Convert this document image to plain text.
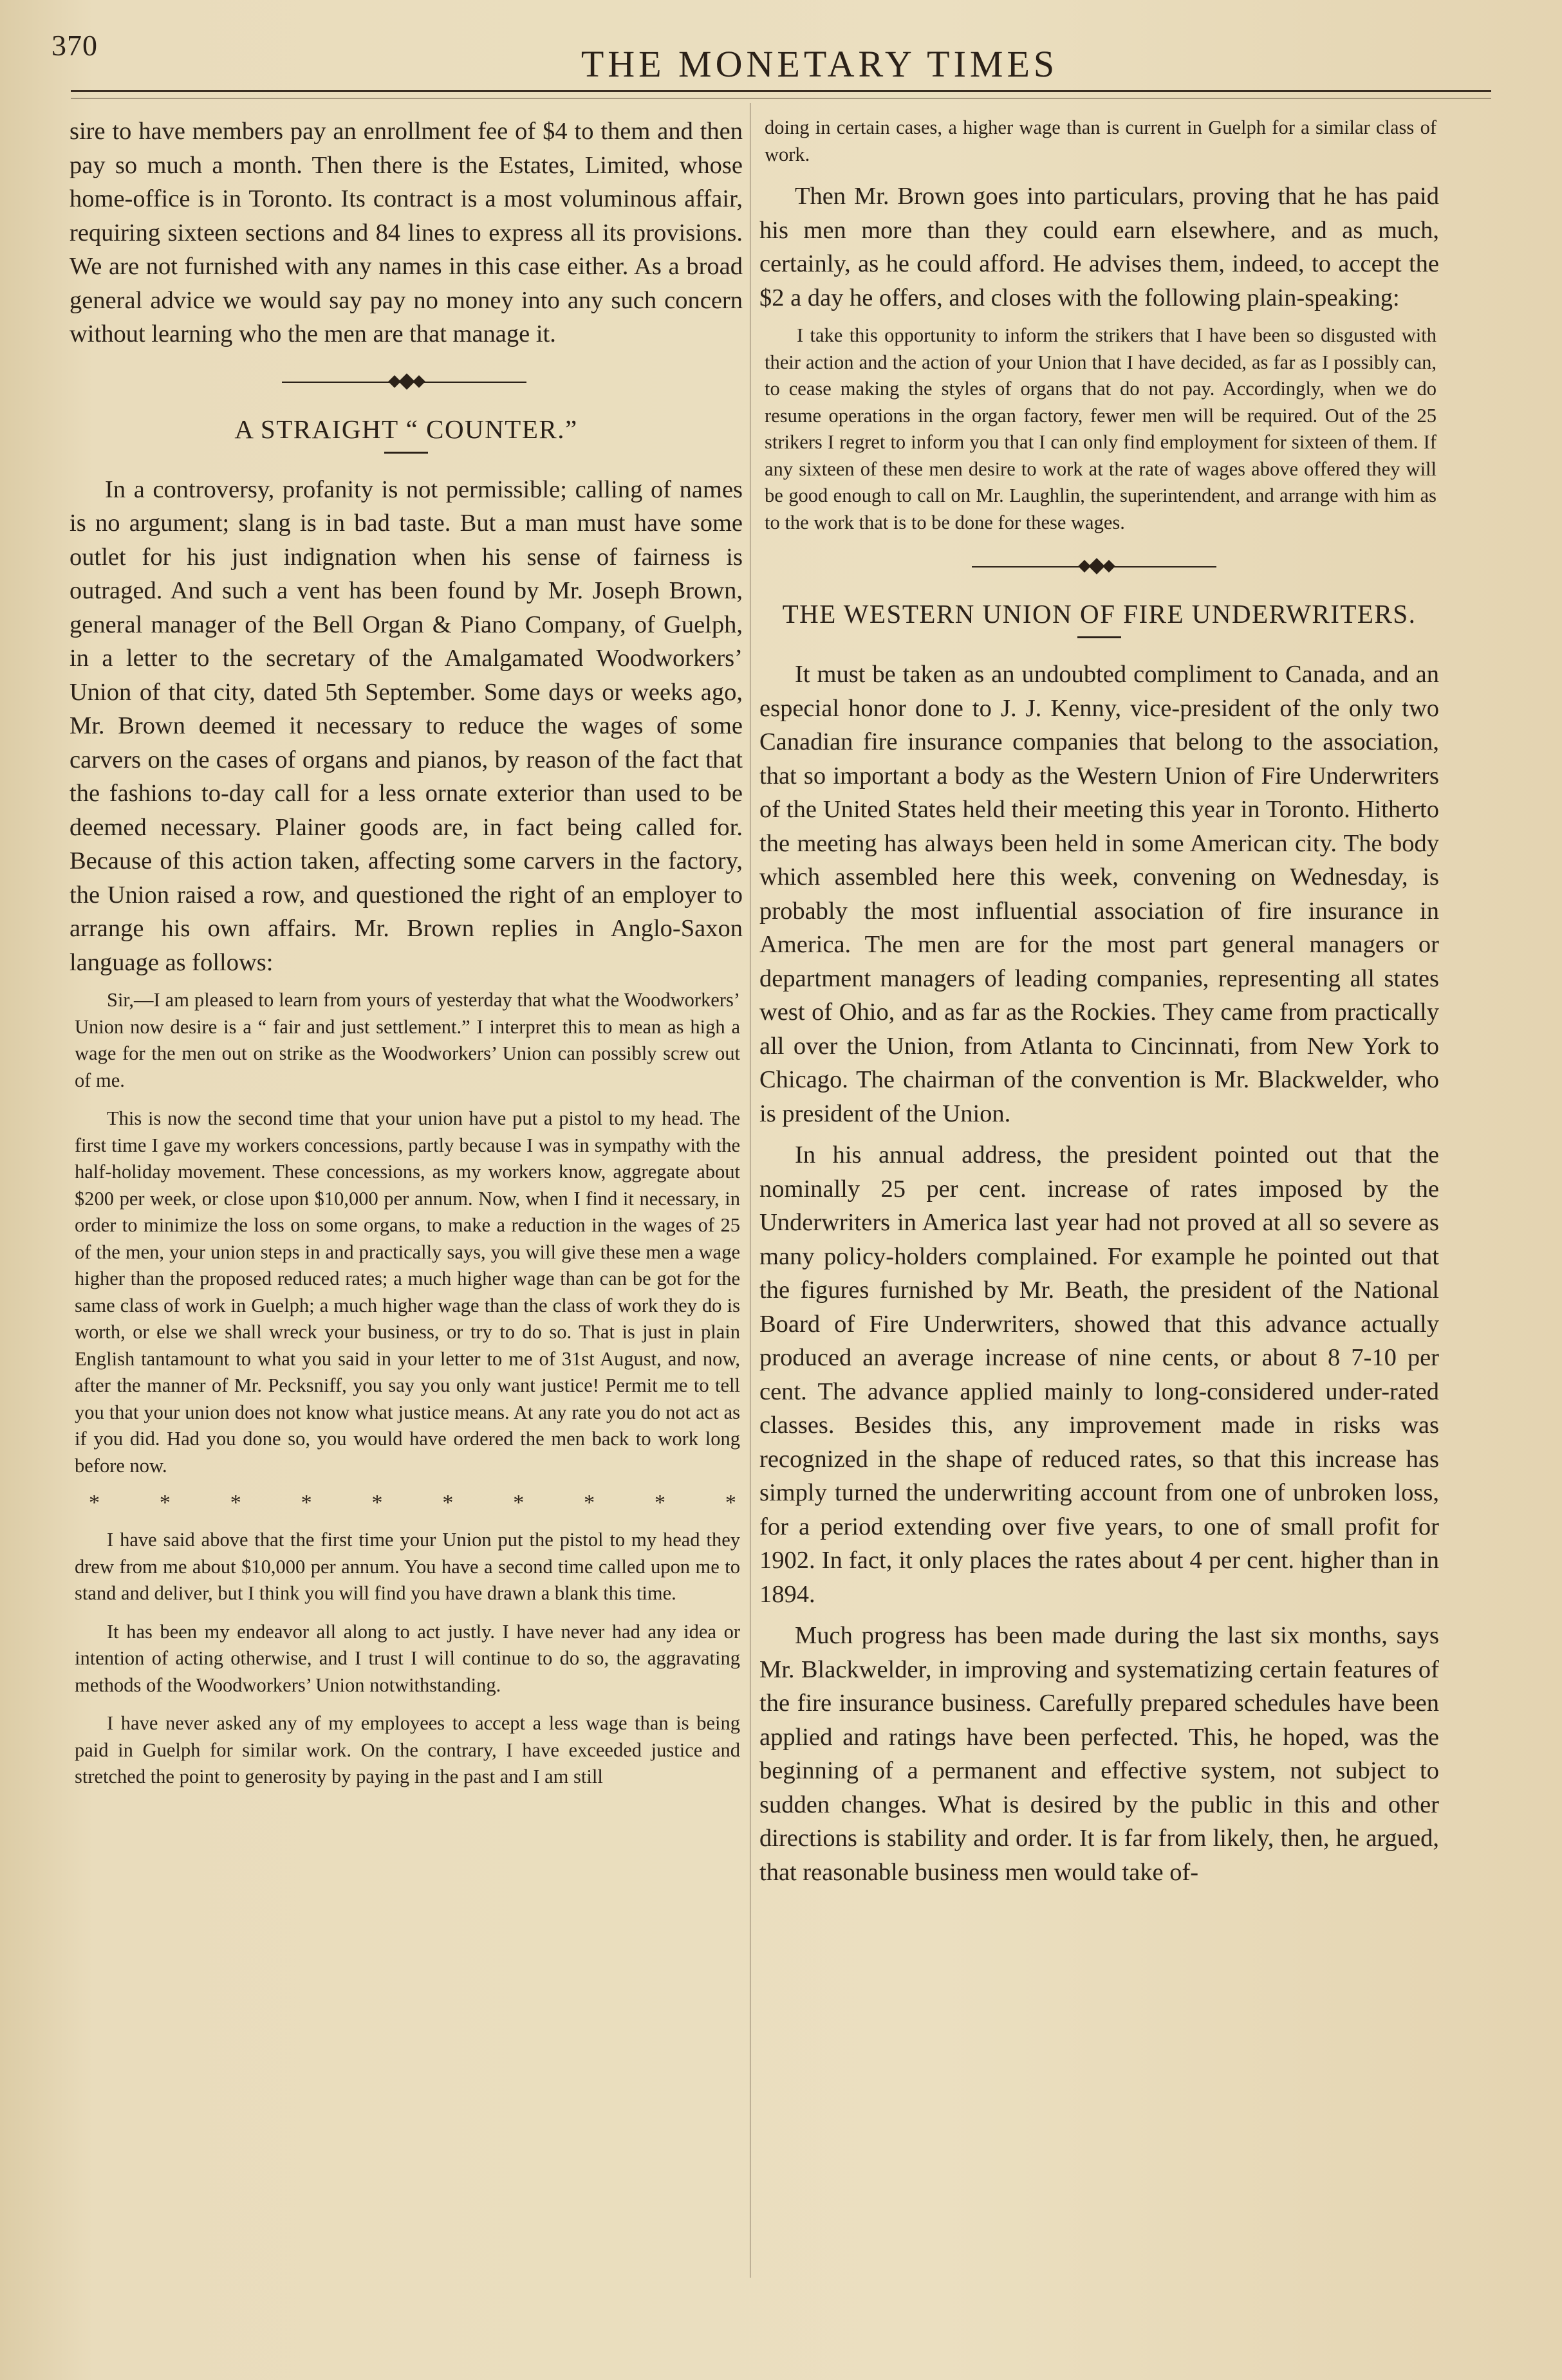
370	THE MONETARY TIMES

sire to have members pay an enrollment fee of $4 to them and then pay so much a month. Then there is the Estates, Limited, whose home-office is in Toronto. Its contract is a most voluminous affair, requiring sixteen sections and 84 lines to express all its provisions. We are not furnished with any names in this case either. As a broad general advice we would say pay no money into any such concern without learning who the men are that manage it.

A STRAIGHT “ COUNTER.”

In a controversy, profanity is not permissible; calling of names is no argument; slang is in bad taste. But a man must have some outlet for his just indignation when his sense of fairness is outraged. And such a vent has been found by Mr. Joseph Brown, general manager of the Bell Organ & Piano Company, of Guelph, in a letter to the secretary of the Amalgamated Woodworkers’ Union of that city, dated 5th September. Some days or weeks ago, Mr. Brown deemed it necessary to reduce the wages of some carvers on the cases of organs and pianos, by reason of the fact that the fashions to-day call for a less ornate exterior than used to be deemed necessary. Plainer goods are, in fact being called for. Because of this action taken, affecting some carvers in the factory, the Union raised a row, and questioned the right of an employer to arrange his own affairs. Mr. Brown replies in Anglo-Saxon language as follows:

Sir,—I am pleased to learn from yours of yesterday that what the Woodworkers’ Union now desire is a “ fair and just settlement.” I interpret this to mean as high a wage for the men out on strike as the Woodworkers’ Union can possibly screw out of me.

This is now the second time that your union have put a pistol to my head. The first time I gave my workers concessions, partly because I was in sympathy with the half-holiday movement. These concessions, as my workers know, aggregate about $200 per week, or close upon $10,000 per annum. Now, when I find it necessary, in order to minimize the loss on some organs, to make a reduction in the wages of 25 of the men, your union steps in and practically says, you will give these men a wage higher than the proposed reduced rates; a much higher wage than can be got for the same class of work in Guelph; a much higher wage than the class of work they do is worth, or else we shall wreck your business, or try to do so. That is just in plain English tantamount to what you said in your letter to me of 31st August, and now, after the manner of Mr. Pecksniff, you say you only want justice! Permit me to tell you that your union does not know what justice means. At any rate you do not act as if you did. Had you done so, you would have ordered the men back to work long before now.

*	*	*	*	*	*	*	*	*	*

I have said above that the first time your Union put the pistol to my head they drew from me about $10,000 per annum. You have a second time called upon me to stand and deliver, but I think you will find you have drawn a blank this time.

It has been my endeavor all along to act justly. I have never had any idea or intention of acting otherwise, and I trust I will continue to do so, the aggravating methods of the Woodworkers’ Union notwithstanding.

I have never asked any of my employees to accept a less wage than is being paid in Guelph for similar work. On the contrary, I have exceeded justice and stretched the point to generosity by paying in the past and I am still

doing in certain cases, a higher wage than is current in Guelph for a similar class of work.

Then Mr. Brown goes into particulars, proving that he has paid his men more than they could earn elsewhere, and as much, certainly, as he could afford. He advises them, indeed, to accept the $2 a day he offers, and closes with the following plain-speaking:

I take this opportunity to inform the strikers that I have been so disgusted with their action and the action of your Union that I have decided, as far as I possibly can, to cease making the styles of organs that do not pay. Accordingly, when we do resume operations in the organ factory, fewer men will be required. Out of the 25 strikers I regret to inform you that I can only find employment for sixteen of them. If any sixteen of these men desire to work at the rate of wages above offered they will be good enough to call on Mr. Laughlin, the superintendent, and arrange with him as to the work that is to be done for these wages.

THE WESTERN UNION OF FIRE UNDERWRITERS.

It must be taken as an undoubted compliment to Canada, and an especial honor done to J. J. Kenny, vice-president of the only two Canadian fire insurance companies that belong to the association, that so important a body as the Western Union of Fire Underwriters of the United States held their meeting this year in Toronto. Hitherto the meeting has always been held in some American city. The body which assembled here this week, convening on Wednesday, is probably the most influential association of fire insurance in America. The men are for the most part general managers or department managers of leading companies, representing all states west of Ohio, and as far as the Rockies. They came from practically all over the Union, from Atlanta to Cincinnati, from New York to Chicago. The chairman of the convention is Mr. Blackwelder, who is president of the Union.

In his annual address, the president pointed out that the nominally 25 per cent. increase of rates imposed by the Underwriters in America last year had not proved at all so severe as many policy-holders complained. For example he pointed out that the figures furnished by Mr. Beath, the president of the National Board of Fire Underwriters, showed that this advance actually produced an average increase of nine cents, or about 8 7-10 per cent. The advance applied mainly to long-considered under-rated classes. Besides this, any improvement made in risks was recognized in the shape of reduced rates, so that this increase has simply turned the underwriting account from one of unbroken loss, for a period extending over five years, to one of small profit for 1902. In fact, it only places the rates about 4 per cent. higher than in 1894.

Much progress has been made during the last six months, says Mr. Blackwelder, in improving and systematizing certain features of the fire insurance business. Carefully prepared schedules have been applied and ratings have been perfected. This, he hoped, was the beginning of a permanent and effective system, not subject to sudden changes. What is desired by the public in this and other directions is stability and order. It is far from likely, then, he argued, that reasonable business men would take of-
